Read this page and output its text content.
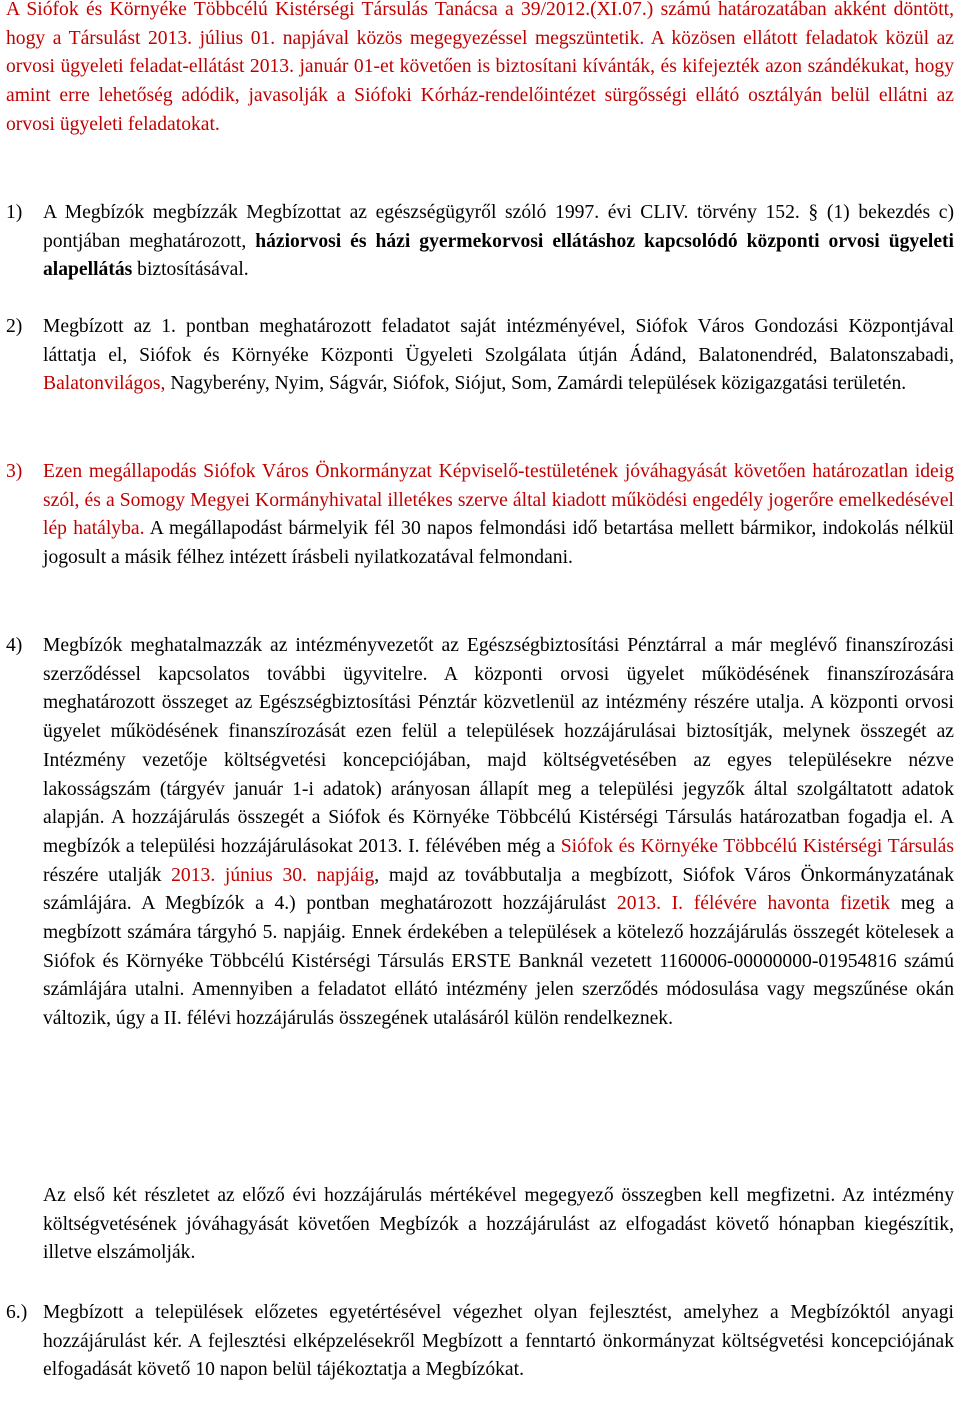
A Siófok és Környéke Többcélú Kistérségi Társulás Tanácsa a 39/2012.(XI.07.) számú határozatában akként döntött, hogy a Társulást 2013. július 01. napjával közös megegyezéssel megszüntetik. A közösen ellátott feladatok közül az orvosi ügyeleti feladat-ellátást 2013. január 01-et követően is biztosítani kívánták, és kifejezték azon szándékukat, hogy amint erre lehetőség adódik, javasolják a Siófoki Kórház-rendelőintézet sürgősségi ellátó osztályán belül ellátni az orvosi ügyeleti feladatokat.

1) A Megbízók megbízzák Megbízottat az egészségügyről szóló 1997. évi CLIV. törvény 152. § (1) bekezdés c) pontjában meghatározott, háziorvosi és házi gyermekorvosi ellátáshoz kapcsolódó központi orvosi ügyeleti alapellátás biztosításával.
2) Megbízott az 1. pontban meghatározott feladatot saját intézményével, Siófok Város Gondozási Központjával láttatja el, Siófok és Környéke Központi Ügyeleti Szolgálata útján Ádánd, Balatonendréd, Balatonszabadi, Balatonvilágos, Nagyberény, Nyim, Ságvár, Siófok, Siójut, Som, Zamárdi települések közigazgatási területén.
3) Ezen megállapodás Siófok Város Önkormányzat Képviselő-testületének jóváhagyását követően határozatlan ideig szól, és a Somogy Megyei Kormányhivatal illetékes szerve által kiadott működési engedély jogerőre emelkedésével lép hatályba. A megállapodást bármelyik fél 30 napos felmondási idő betartása mellett bármikor, indokolás nélkül jogosult a másik félhez intézett írásbeli nyilatkozatával felmondani.
4) Megbízók meghatalmazzák az intézményvezetőt az Egészségbiztosítási Pénztárral a már meglévő finanszírozási szerződéssel kapcsolatos további ügyvitelre. A központi orvosi ügyelet működésének finanszírozására meghatározott összeget az Egészségbiztosítási Pénztár közvetlenül az intézmény részére utalja. A központi orvosi ügyelet működésének finanszírozását ezen felül a települések hozzájárulásai biztosítják, melynek összegét az Intézmény vezetője költségvetési koncepciójában, majd költségvetésében az egyes településekre nézve lakosságszám (tárgyév január 1-i adatok) arányosan állapít meg a települési jegyzők által szolgáltatott adatok alapján. A hozzájárulás összegét a Siófok és Környéke Többcélú Kistérségi Társulás határozatban fogadja el. A megbízók a települési hozzájárulásokat 2013. I. félévében még a Siófok és Környéke Többcélú Kistérségi Társulás részére utalják 2013. június 30. napjáig, majd az továbbutalja a megbízott, Siófok Város Önkormányzatának számlájára. A Megbízók a 4.) pontban meghatározott hozzájárulást 2013. I. félévére havonta fizetik meg a megbízott számára tárgyhó 5. napjáig. Ennek érdekében a települések a kötelező hozzájárulás összegét kötelesek a Siófok és Környéke Többcélú Kistérségi Társulás ERSTE Banknál vezetett 1160006-00000000-01954816 számú számlájára utalni. Amennyiben a feladatot ellátó intézmény jelen szerződés módosulása vagy megszűnése okán változik, úgy a II. félévi hozzájárulás összegének utalásáról külön rendelkeznek.

Az első két részletet az előző évi hozzájárulás mértékével megegyező összegben kell megfizetni. Az intézmény költségvetésének jóváhagyását követően Megbízók a hozzájárulást az elfogadást követő hónapban kiegészítik, illetve elszámolják.

6.) Megbízott a települések előzetes egyetértésével végezhet olyan fejlesztést, amelyhez a Megbízóktól anyagi hozzájárulást kér. A fejlesztési elképzelésekről Megbízott a fenntartó önkormányzat költségvetési koncepciójának elfogadását követő 10 napon belül tájékoztatja a Megbízókat.
